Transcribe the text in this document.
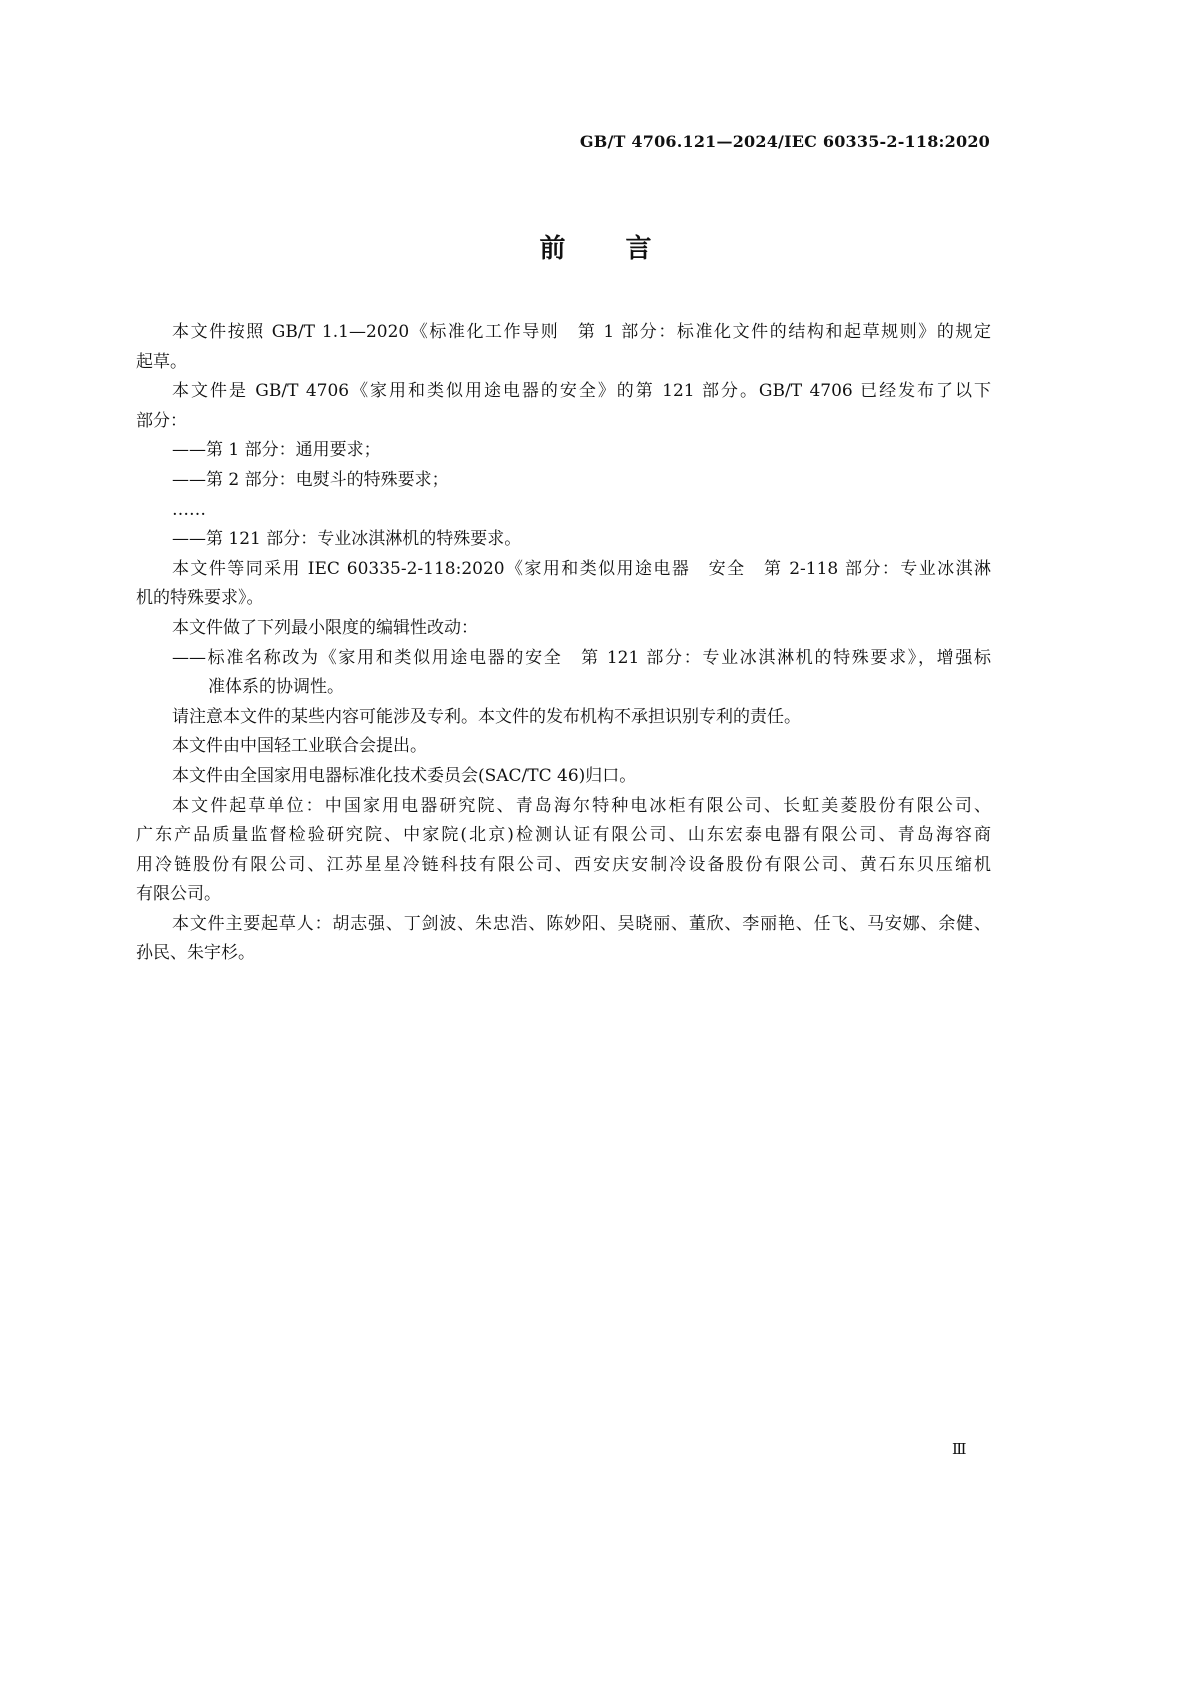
GB/T 4706.121—2024/IEC 60335-2-118:2020
前言
本文件按照 GB/T 1.1—2020《标准化工作导则　第 1 部分：标准化文件的结构和起草规则》的规定
起草。
本文件是 GB/T 4706《家用和类似用途电器的安全》的第 121 部分。GB/T 4706 已经发布了以下
部分：
——第 1 部分：通用要求；
——第 2 部分：电熨斗的特殊要求；
……
——第 121 部分：专业冰淇淋机的特殊要求。
本文件等同采用 IEC 60335-2-118:2020《家用和类似用途电器　安全　第 2-118 部分：专业冰淇淋
机的特殊要求》。
本文件做了下列最小限度的编辑性改动：
——标准名称改为《家用和类似用途电器的安全　第 121 部分：专业冰淇淋机的特殊要求》，增强标
准体系的协调性。
请注意本文件的某些内容可能涉及专利。本文件的发布机构不承担识别专利的责任。
本文件由中国轻工业联合会提出。
本文件由全国家用电器标准化技术委员会(SAC/TC 46)归口。
本文件起草单位：中国家用电器研究院、青岛海尔特种电冰柜有限公司、长虹美菱股份有限公司、
广东产品质量监督检验研究院、中家院(北京)检测认证有限公司、山东宏泰电器有限公司、青岛海容商
用冷链股份有限公司、江苏星星冷链科技有限公司、西安庆安制冷设备股份有限公司、黄石东贝压缩机
有限公司。
本文件主要起草人：胡志强、丁剑波、朱忠浩、陈妙阳、吴晓丽、董欣、李丽艳、任飞、马安娜、余健、
孙民、朱宇杉。
Ⅲ
